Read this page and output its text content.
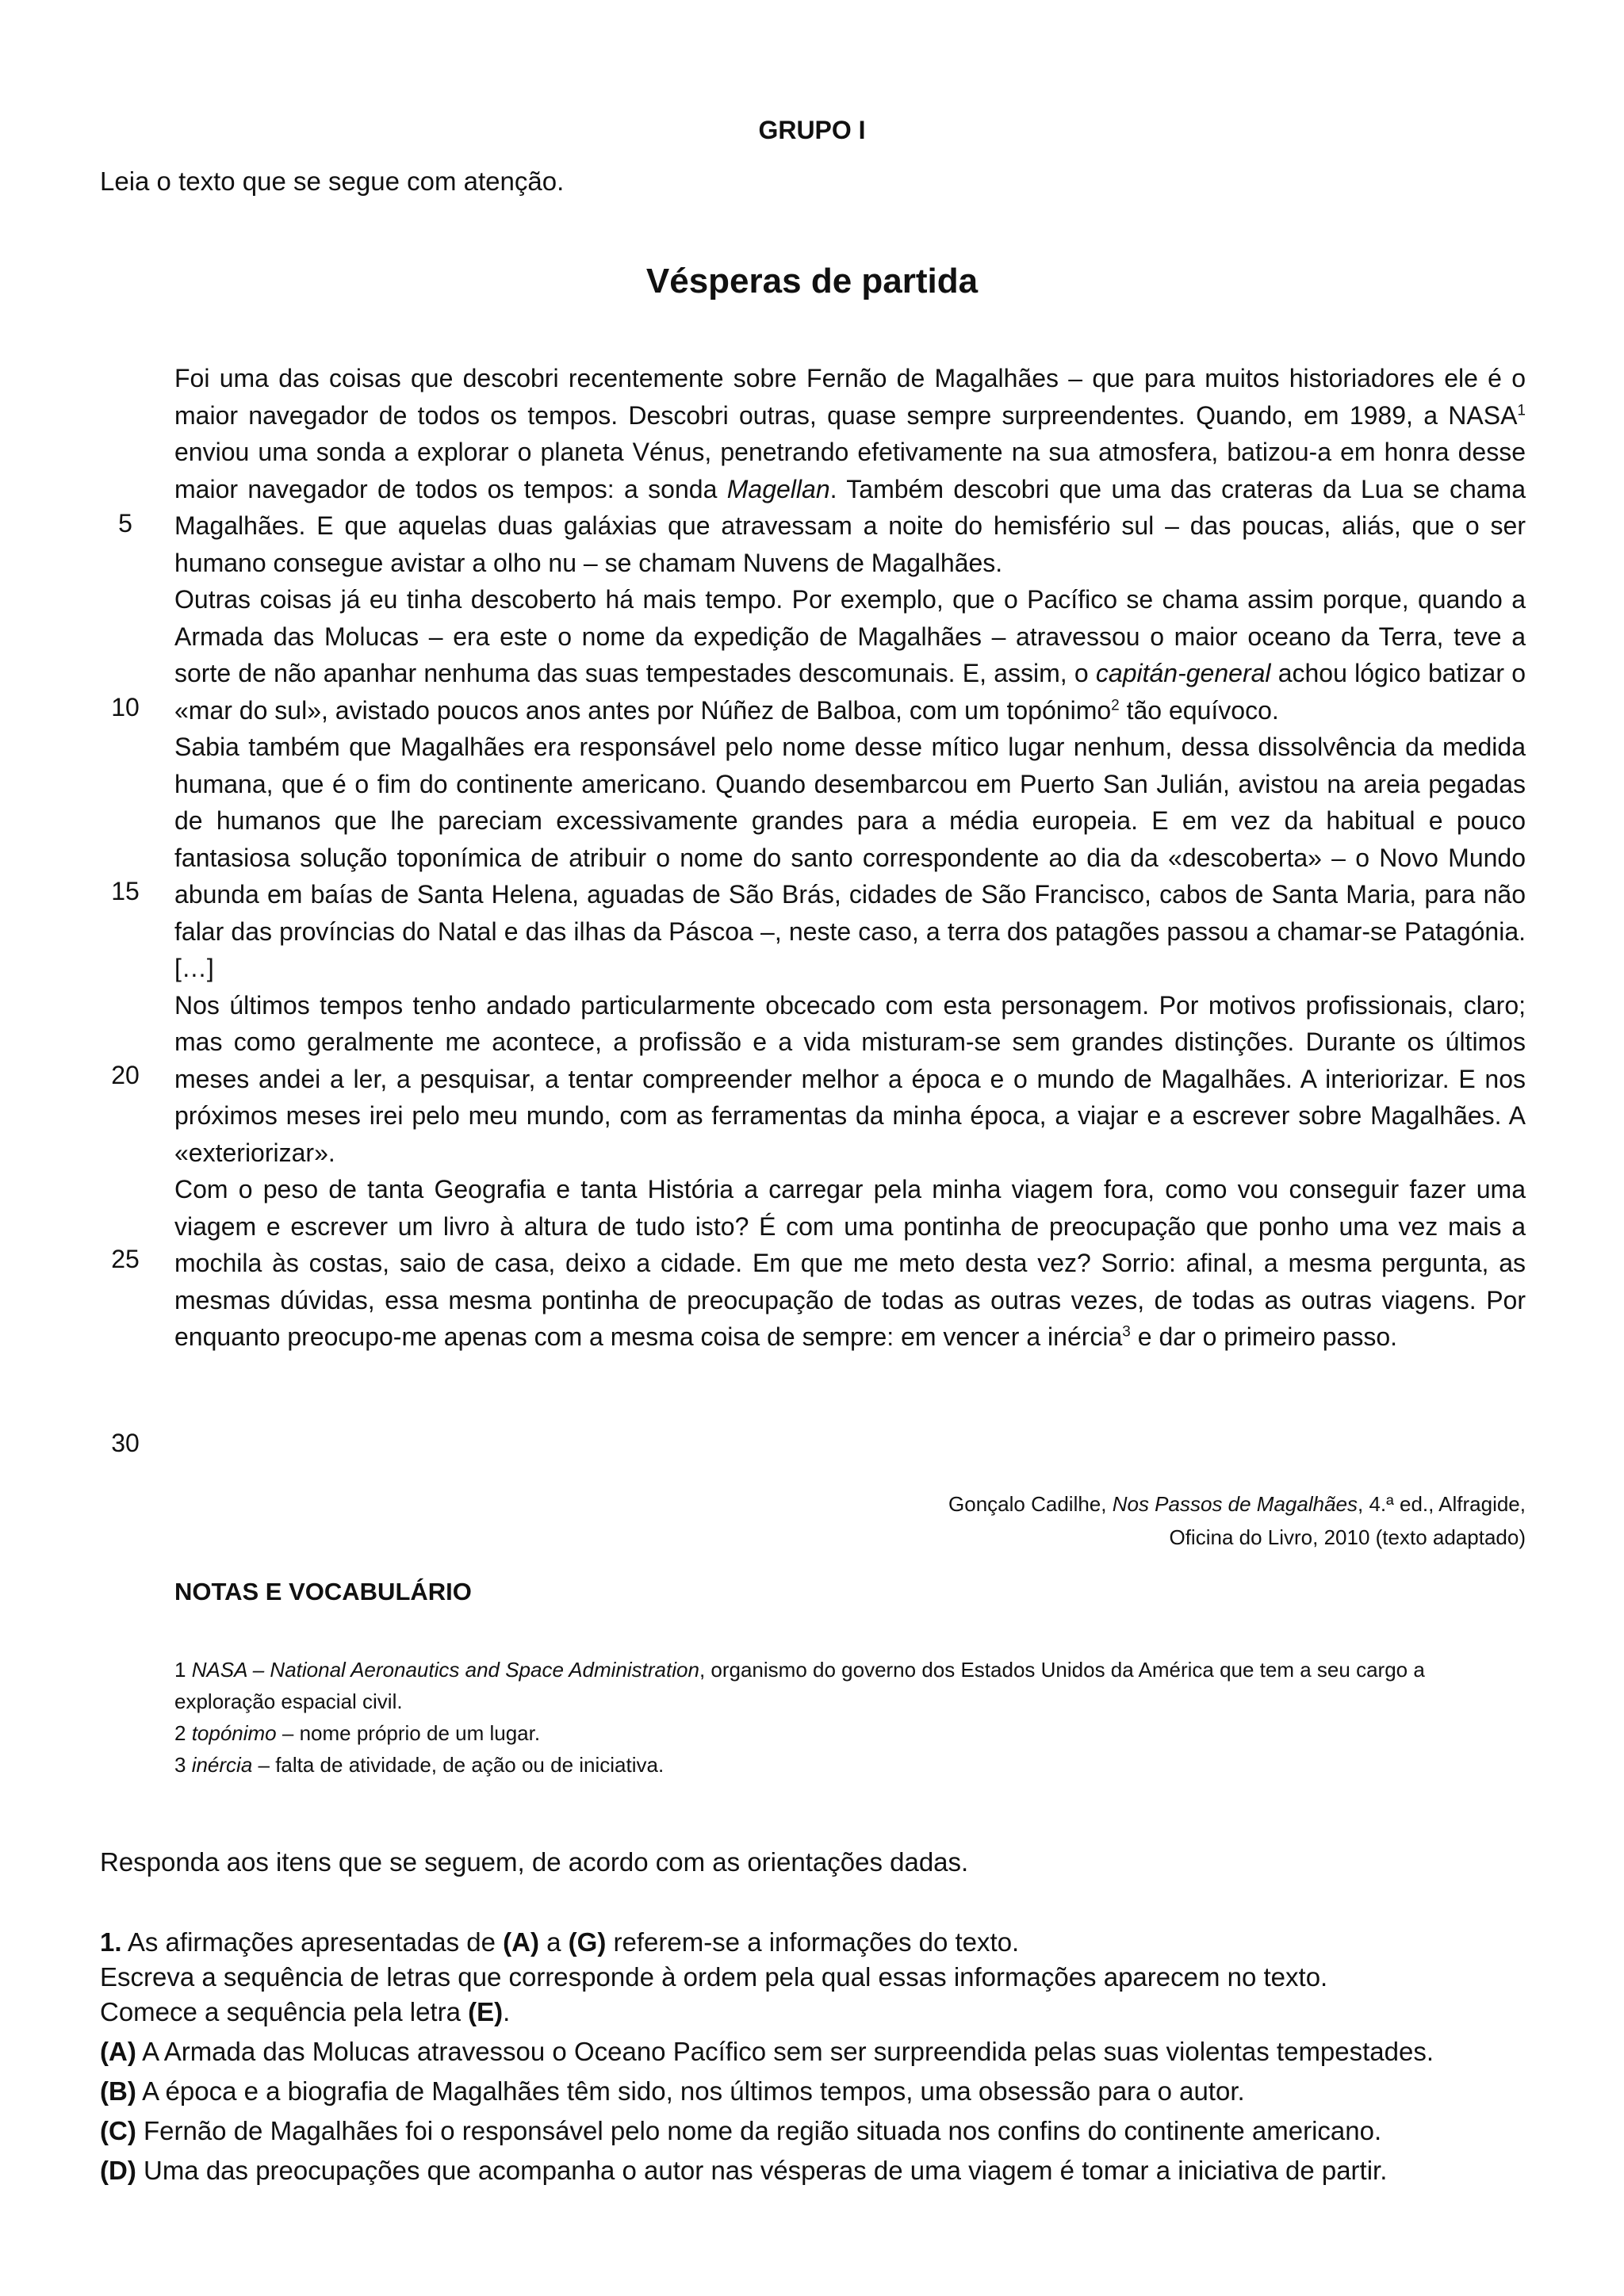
GRUPO I
Leia o texto que se segue com atenção.
Vésperas de partida
5
10
15
20
25
30

Foi uma das coisas que descobri recentemente sobre Fernão de Magalhães – que para muitos historiadores ele é o maior navegador de todos os tempos. Descobri outras, quase sempre surpreendentes. Quando, em 1989, a NASA$^1$ enviou uma sonda a explorar o planeta Vénus, penetrando efetivamente na sua atmosfera, batizou-a em honra desse maior navegador de todos os tempos: a sonda Magellan. Também descobri que uma das crateras da Lua se chama Magalhães. E que aquelas duas galáxias que atravessam a noite do hemisfério sul – das poucas, aliás, que o ser humano consegue avistar a olho nu – se chamam Nuvens de Magalhães.

Outras coisas já eu tinha descoberto há mais tempo. Por exemplo, que o Pacífico se chama assim porque, quando a Armada das Molucas – era este o nome da expedição de Magalhães – atravessou o maior oceano da Terra, teve a sorte de não apanhar nenhuma das suas tempestades descomunais. E, assim, o capitán-general achou lógico batizar o «mar do sul», avistado poucos anos antes por Núñez de Balboa, com um topónimo$^2$ tão equívoco.

Sabia também que Magalhães era responsável pelo nome desse mítico lugar nenhum, dessa dissolvência da medida humana, que é o fim do continente americano. Quando desembarcou em Puerto San Julián, avistou na areia pegadas de humanos que lhe pareciam excessivamente grandes para a média europeia. E em vez da habitual e pouco fantasiosa solução toponímica de atribuir o nome do santo correspondente ao dia da «descoberta» – o Novo Mundo abunda em baías de Santa Helena, aguadas de São Brás, cidades de São Francisco, cabos de Santa Maria, para não falar das províncias do Natal e das ilhas da Páscoa –, neste caso, a terra dos patagões passou a chamar-se Patagónia. […]

Nos últimos tempos tenho andado particularmente obcecado com esta personagem. Por motivos profissionais, claro; mas como geralmente me acontece, a profissão e a vida misturam-se sem grandes distinções. Durante os últimos meses andei a ler, a pesquisar, a tentar compreender melhor a época e o mundo de Magalhães. A interiorizar. E nos próximos meses irei pelo meu mundo, com as ferramentas da minha época, a viajar e a escrever sobre Magalhães. A «exteriorizar».

Com o peso de tanta Geografia e tanta História a carregar pela minha viagem fora, como vou conseguir fazer uma viagem e escrever um livro à altura de tudo isto? É com uma pontinha de preocupação que ponho uma vez mais a mochila às costas, saio de casa, deixo a cidade. Em que me meto desta vez? Sorrio: afinal, a mesma pergunta, as mesmas dúvidas, essa mesma pontinha de preocupação de todas as outras vezes, de todas as outras viagens. Por enquanto preocupo-me apenas com a mesma coisa de sempre: em vencer a inércia$^3$ e dar o primeiro passo.

Gonçalo Cadilhe, Nos Passos de Magalhães, 4.ª ed., Alfragide,
Oficina do Livro, 2010 (texto adaptado)
NOTAS E VOCABULÁRIO

1 NASA – National Aeronautics and Space Administration, organismo do governo dos Estados Unidos da América que tem a seu cargo a exploração espacial civil.

2 topónimo – nome próprio de um lugar.

3 inércia – falta de atividade, de ação ou de iniciativa.

Responda aos itens que se seguem, de acordo com as orientações dadas.

1. As afirmações apresentadas de (A) a (G) referem-se a informações do texto.

Escreva a sequência de letras que corresponde à ordem pela qual essas informações aparecem no texto.

Comece a sequência pela letra (E).

(A) A Armada das Molucas atravessou o Oceano Pacífico sem ser surpreendida pelas suas violentas tempestades.

(B) A época e a biografia de Magalhães têm sido, nos últimos tempos, uma obsessão para o autor.

(C) Fernão de Magalhães foi o responsável pelo nome da região situada nos confins do continente americano.

(D) Uma das preocupações que acompanha o autor nas vésperas de uma viagem é tomar a iniciativa de partir.
